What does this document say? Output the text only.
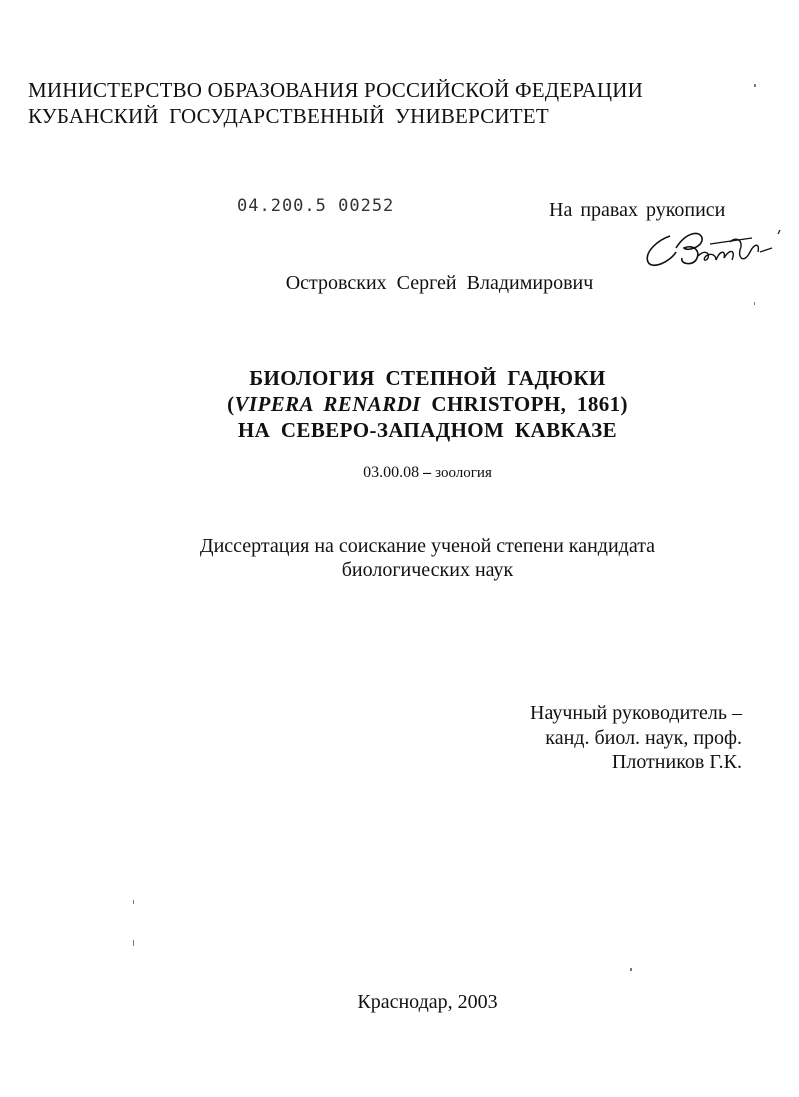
МИНИСТЕРСТВО ОБРАЗОВАНИЯ РОССИЙСКОЙ ФЕДЕРАЦИИ
КУБАНСКИЙ ГОСУДАРСТВЕННЫЙ УНИВЕРСИТЕТ
04.200.5 00252	На правах рукописи
Островских Сергей Владимирович
БИОЛОГИЯ СТЕПНОЙ ГАДЮКИ
(VIPERA RENARDI CHRISTOPH, 1861)
НА СЕВЕРО-ЗАПАДНОМ КАВКАЗЕ
03.00.08 – зоология
Диссертация на соискание ученой степени кандидата
биологических наук
Научный руководитель –
канд. биол. наук, проф.
Плотников Г.К.
Краснодар, 2003
